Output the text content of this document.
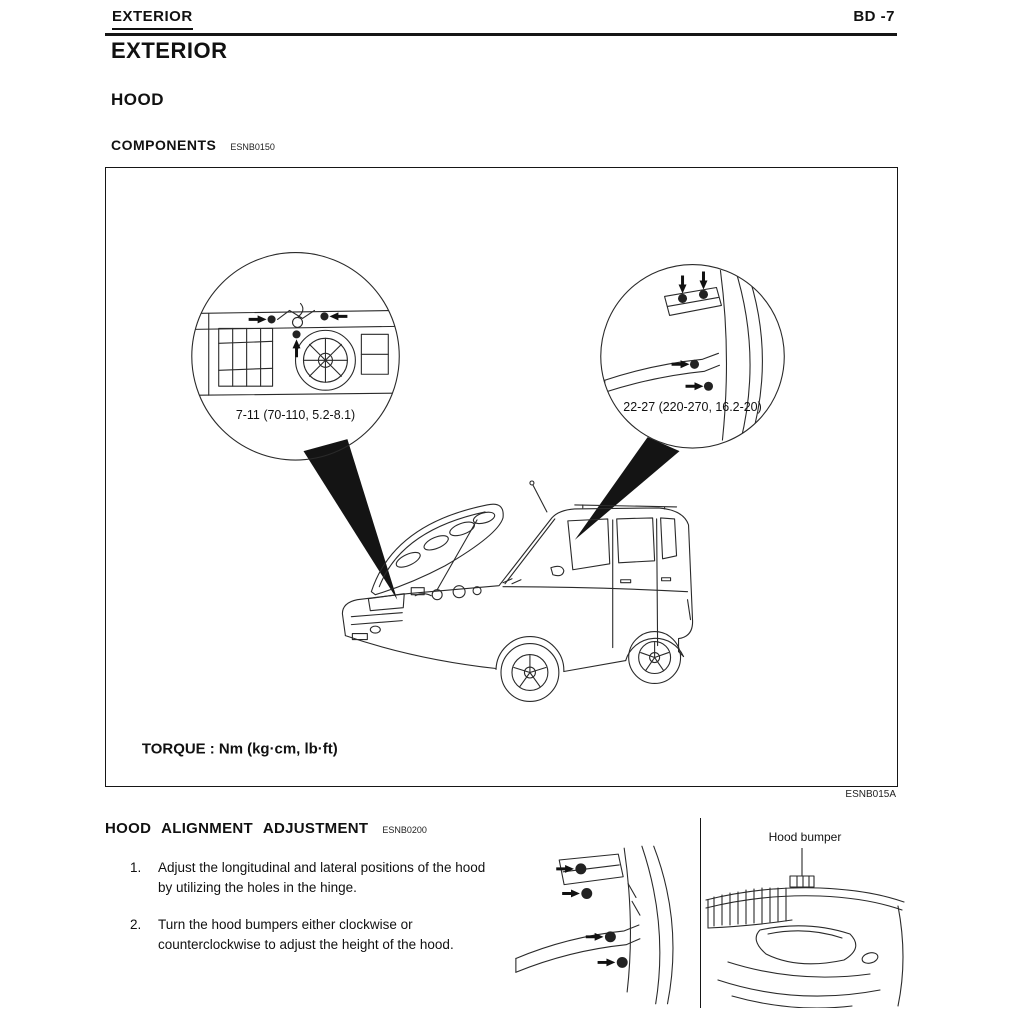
EXTERIOR	BD -7
EXTERIOR
HOOD
COMPONENTS ESNB0150
7-11 (70-110, 5.2-8.1)
22-27 (220-270, 16.2-20)
TORQUE : Nm (kg·cm, lb·ft)
ESNB015A
HOOD ALIGNMENT ADJUSTMENT ESNB0200
1.	Adjust the longitudinal and lateral positions of the hood by utilizing the holes in the hinge.
2.	Turn the hood bumpers either clockwise or counterclockwise to adjust the height of the hood.
Hood bumper
